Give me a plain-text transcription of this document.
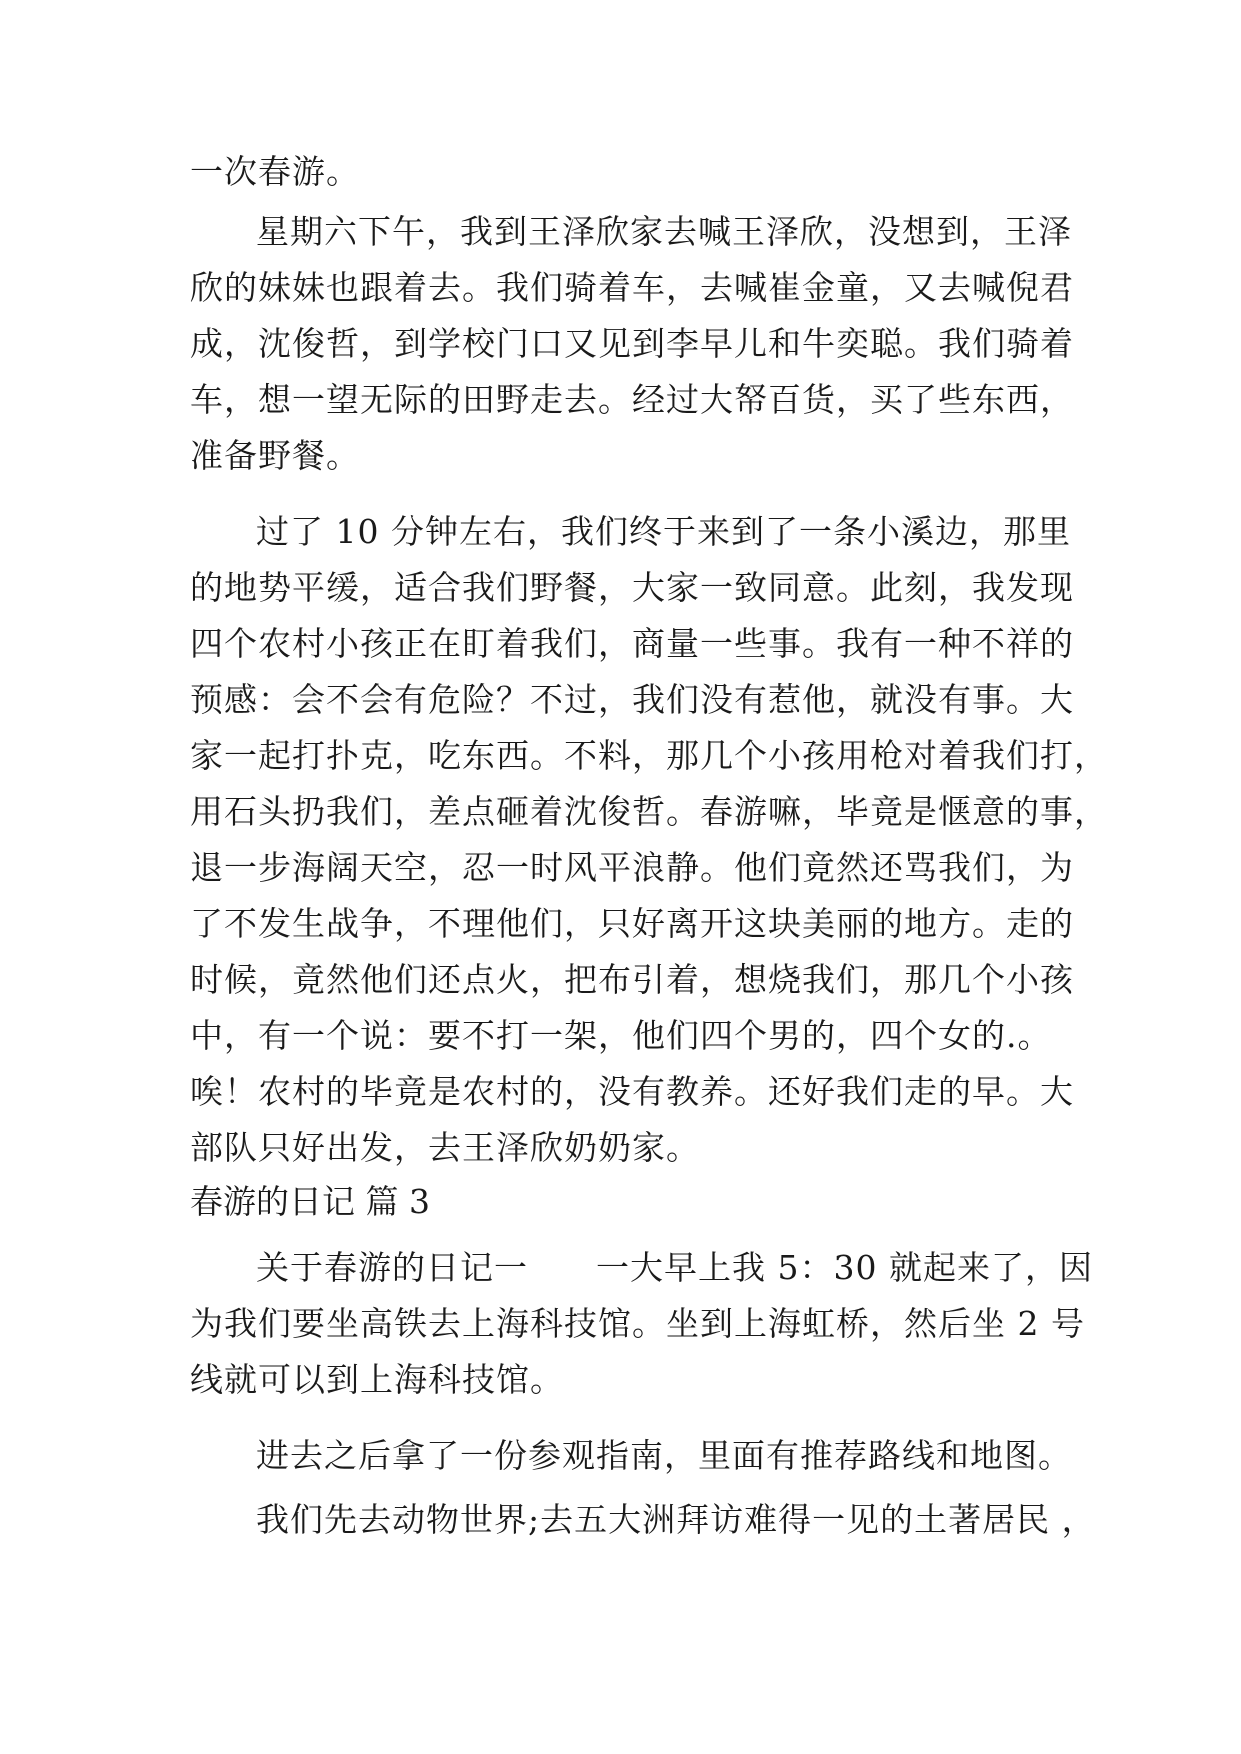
一次春游。
星期六下午，我到王泽欣家去喊王泽欣，没想到，王泽
欣的妹妹也跟着去。我们骑着车，去喊崔金童，又去喊倪君
成，沈俊哲，到学校门口又见到李早儿和牛奕聪。我们骑着
车，想一望无际的田野走去。经过大帑百货，买了些东西，
准备野餐。
过了 10 分钟左右，我们终于来到了一条小溪边，那里
的地势平缓，适合我们野餐，大家一致同意。此刻，我发现
四个农村小孩正在盯着我们，商量一些事。我有一种不祥的
预感：会不会有危险？不过，我们没有惹他，就没有事。大
家一起打扑克，吃东西。不料，那几个小孩用枪对着我们打，
用石头扔我们，差点砸着沈俊哲。春游嘛，毕竟是惬意的事，
退一步海阔天空，忍一时风平浪静。他们竟然还骂我们，为
了不发生战争，不理他们，只好离开这块美丽的地方。走的
时候，竟然他们还点火，把布引着，想烧我们，那几个小孩
中，有一个说：要不打一架，他们四个男的，四个女的.。
唉！农村的毕竟是农村的，没有教养。还好我们走的早。大
部队只好出发，去王泽欣奶奶家。
春游的日记 篇 3
关于春游的日记一　　一大早上我 5：30 就起来了，因
为我们要坐高铁去上海科技馆。坐到上海虹桥，然后坐 2 号
线就可以到上海科技馆。
进去之后拿了一份参观指南，里面有推荐路线和地图。
我们先去动物世界;去五大洲拜访难得一见的土著居民 ，
